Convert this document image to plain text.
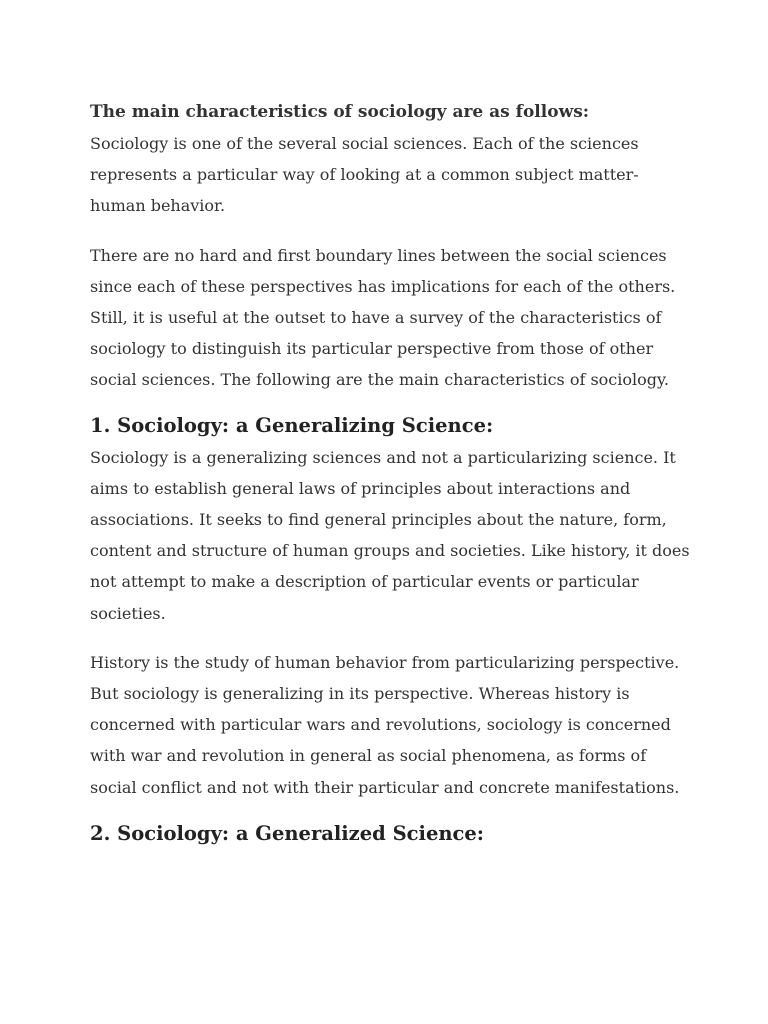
The main characteristics of sociology are as follows:

Sociology is one of the several social sciences. Each of the sciences represents a particular way of looking at a common subject matter-human behavior.

There are no hard and first boundary lines between the social sciences since each of these perspectives has implications for each of the others. Still, it is useful at the outset to have a survey of the characteristics of sociology to distinguish its particular perspective from those of other social sciences. The following are the main characteristics of sociology.

1. Sociology: a Generalizing Science:

Sociology is a generalizing sciences and not a particularizing science. It aims to establish general laws of principles about interactions and associations. It seeks to find general principles about the nature, form, content and structure of human groups and societies. Like history, it does not attempt to make a description of particular events or particular societies.

History is the study of human behavior from particularizing perspective. But sociology is generalizing in its perspective. Whereas history is concerned with particular wars and revolutions, sociology is concerned with war and revolution in general as social phenomena, as forms of social conflict and not with their particular and concrete manifestations.

2. Sociology: a Generalized Science:
